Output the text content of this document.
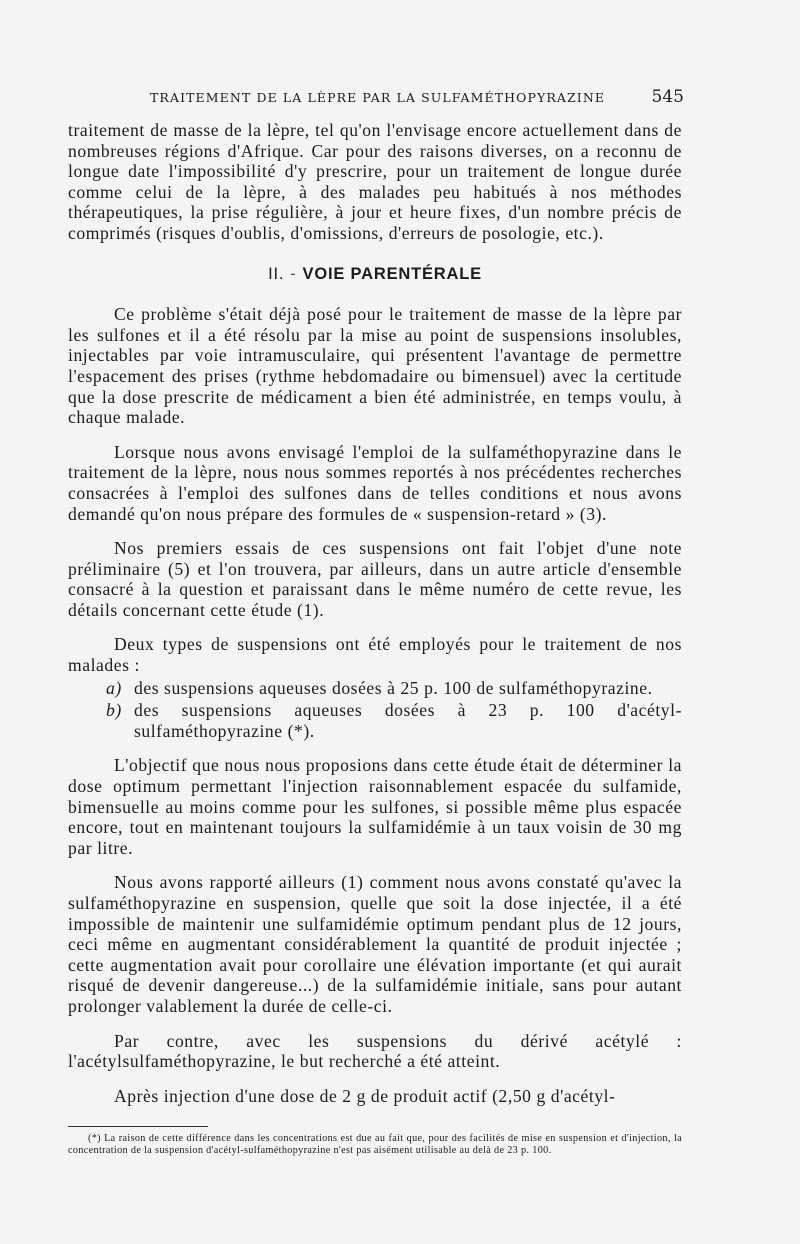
TRAITEMENT DE LA LÈPRE PAR LA SULFAMÉTHOPYRAZINE	545

traitement de masse de la lèpre, tel qu'on l'envisage encore actuellement dans de nombreuses régions d'Afrique. Car pour des raisons diverses, on a reconnu de longue date l'impossibilité d'y prescrire, pour un traitement de longue durée comme celui de la lèpre, à des malades peu habitués à nos méthodes thérapeutiques, la prise régulière, à jour et heure fixes, d'un nombre précis de comprimés (risques d'oublis, d'omissions, d'erreurs de posologie, etc.).

II. - VOIE PARENTÉRALE

Ce problème s'était déjà posé pour le traitement de masse de la lèpre par les sulfones et il a été résolu par la mise au point de suspensions insolubles, injectables par voie intramusculaire, qui présentent l'avantage de permettre l'espacement des prises (rythme hebdomadaire ou bimensuel) avec la certitude que la dose prescrite de médicament a bien été administrée, en temps voulu, à chaque malade.

Lorsque nous avons envisagé l'emploi de la sulfaméthopyrazine dans le traitement de la lèpre, nous nous sommes reportés à nos précédentes recherches consacrées à l'emploi des sulfones dans de telles conditions et nous avons demandé qu'on nous prépare des formules de « suspension-retard » (3).

Nos premiers essais de ces suspensions ont fait l'objet d'une note préliminaire (5) et l'on trouvera, par ailleurs, dans un autre article d'ensemble consacré à la question et paraissant dans le même numéro de cette revue, les détails concernant cette étude (1).

Deux types de suspensions ont été employés pour le traitement de nos malades :

a) des suspensions aqueuses dosées à 25 p. 100 de sulfaméthopyrazine.
b) des suspensions aqueuses dosées à 23 p. 100 d'acétyl-sulfaméthopyrazine (*).

L'objectif que nous nous proposions dans cette étude était de déterminer la dose optimum permettant l'injection raisonnablement espacée du sulfamide, bimensuelle au moins comme pour les sulfones, si possible même plus espacée encore, tout en maintenant toujours la sulfamidémie à un taux voisin de 30 mg par litre.

Nous avons rapporté ailleurs (1) comment nous avons constaté qu'avec la sulfaméthopyrazine en suspension, quelle que soit la dose injectée, il a été impossible de maintenir une sulfamidémie optimum pendant plus de 12 jours, ceci même en augmentant considérablement la quantité de produit injectée ; cette augmentation avait pour corollaire une élévation importante (et qui aurait risqué de devenir dangereuse...) de la sulfamidémie initiale, sans pour autant prolonger valablement la durée de celle-ci.

Par contre, avec les suspensions du dérivé acétylé : l'acétylsulfaméthopyrazine, le but recherché a été atteint.

Après injection d'une dose de 2 g de produit actif (2,50 g d'acétyl-

(*) La raison de cette différence dans les concentrations est due au fait que, pour des facilités de mise en suspension et d'injection, la concentration de la suspension d'acétyl-sulfaméthopyrazine n'est pas aisément utilisable au delà de 23 p. 100.
